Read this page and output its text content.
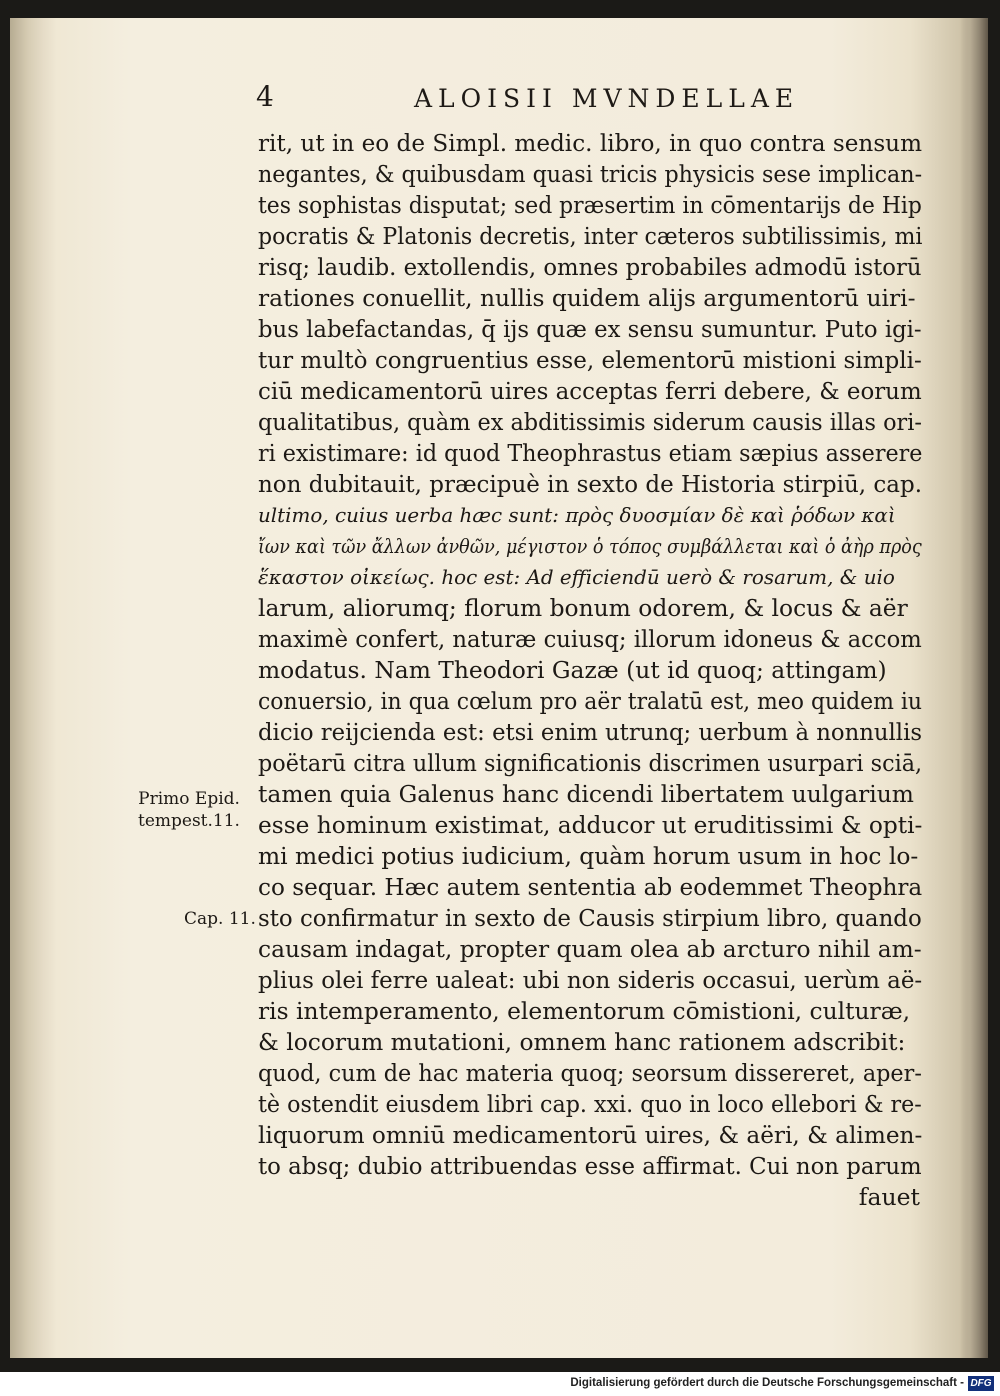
4	ALOISII MVNDELLAE
rit, ut in eo de Simpl. medic. libro, in quo contra sensum
negantes, & quibusdam quasi tricis physicis sese implican-
tes sophistas disputat; sed præsertim in cōmentarijs de Hip
pocratis & Platonis decretis, inter cæteros subtilissimis, mi
risq; laudib. extollendis, omnes probabiles admodū istorū
rationes conuellit, nullis quidem alijs argumentorū uiri-
bus labefactandas, q̄ ijs quæ ex sensu sumuntur. Puto igi-
tur multò congruentius esse, elementorū mistioni simpli-
ciū medicamentorū uires acceptas ferri debere, & eorum
qualitatibus, quàm ex abditissimis siderum causis illas ori-
ri existimare: id quod Theophrastus etiam sæpius asserere
non dubitauit, præcipuè in sexto de Historia stirpiū, cap.
ultimo, cuius uerba hæc sunt: πρὸς δυοσμίαν δὲ καὶ ῥόδων καὶ
ἴων καὶ τῶν ἄλλων ἀνθῶν, μέγιστον ὁ τόπος συμβάλλεται καὶ ὁ ἀὴρ πρὸς
ἕκαστον οἰκείως. hoc est: Ad efficiendū uerò & rosarum, & uio
larum, aliorumq; florum bonum odorem, & locus & aër
maximè confert, naturæ cuiusq; illorum idoneus & accom
modatus. Nam Theodori Gazæ (ut id quoq; attingam)
conuersio, in qua cœlum pro aër tralatū est, meo quidem iu
dicio reijcienda est: etsi enim utrunq; uerbum à nonnullis
poëtarū citra ullum significationis discrimen usurpari sciā,
tamen quia Galenus hanc dicendi libertatem uulgarium
esse hominum existimat, adducor ut eruditissimi & opti-
mi medici potius iudicium, quàm horum usum in hoc lo-
co sequar. Hæc autem sententia ab eodemmet Theophra
sto confirmatur in sexto de Causis stirpium libro, quando
causam indagat, propter quam olea ab arcturo nihil am-
plius olei ferre ualeat: ubi non sideris occasui, uerùm aë-
ris intemperamento, elementorum cōmistioni, culturæ,
& locorum mutationi, omnem hanc rationem adscribit:
quod, cum de hac materia quoq; seorsum dissereret, aper-
tè ostendit eiusdem libri cap. xxi. quo in loco ellebori & re-
liquorum omniū medicamentorū uires, & aëri, & alimen-
to absq; dubio attribuendas esse affirmat. Cui non parum
fauet
Primo Epid.
tempest.11.
Cap. 11.
Digitalisierung gefördert durch die Deutsche Forschungsgemeinschaft - DFG
